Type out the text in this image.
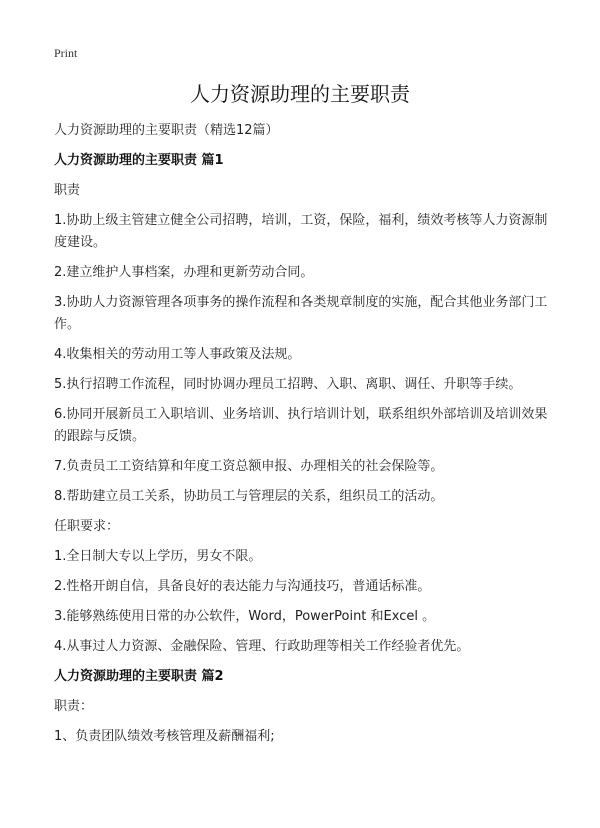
Print
人力资源助理的主要职责

人力资源助理的主要职责（精选12篇）

人力资源助理的主要职责 篇1

职责

1.协助上级主管建立健全公司招聘，培训，工资，保险，福利，绩效考核等人力资源制度建设。

2.建立维护人事档案，办理和更新劳动合同。

3.协助人力资源管理各项事务的操作流程和各类规章制度的实施，配合其他业务部门工作。

4.收集相关的劳动用工等人事政策及法规。

5.执行招聘工作流程，同时协调办理员工招聘、入职、离职、调任、升职等手续。

6.协同开展新员工入职培训、业务培训、执行培训计划，联系组织外部培训及培训效果的跟踪与反馈。

7.负责员工工资结算和年度工资总额申报、办理相关的社会保险等。

8.帮助建立员工关系，协助员工与管理层的关系，组织员工的活动。

任职要求：

1.全日制大专以上学历，男女不限。

2.性格开朗自信，具备良好的表达能力与沟通技巧，普通话标准。

3.能够熟练使用日常的办公软件，Word，PowerPoint 和Excel 。

4.从事过人力资源、金融保险、管理、行政助理等相关工作经验者优先。

人力资源助理的主要职责 篇2

职责：

1、负责团队绩效考核管理及薪酬福利;
